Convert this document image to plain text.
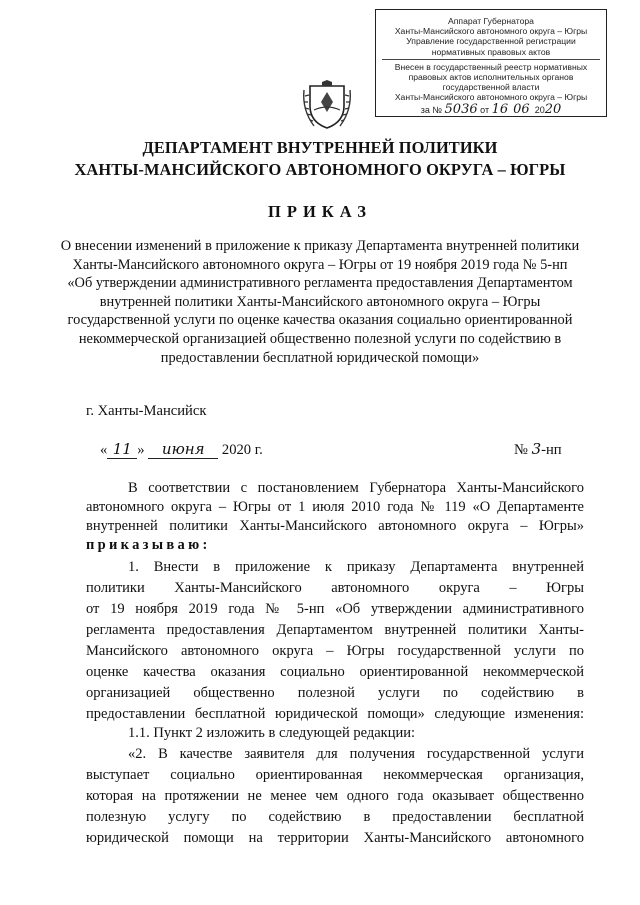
Аппарат Губернатора
Ханты-Мансийского автономного округа – Югры
Управление государственной регистрации
нормативных правовых актов
Внесен в государственный реестр нормативных
правовых актов исполнительных органов
государственной власти
Ханты-Мансийского автономного округа – Югры
за № 5036 от 16 06 2020
ДЕПАРТАМЕНТ ВНУТРЕННЕЙ ПОЛИТИКИ
ХАНТЫ-МАНСИЙСКОГО АВТОНОМНОГО ОКРУГА – ЮГРЫ
ПРИКАЗ
О внесении изменений в приложение к приказу Департамента внутренней политики Ханты-Мансийского автономного округа – Югры от 19 ноября 2019 года № 5-нп «Об утверждении административного регламента предоставления Департаментом внутренней политики Ханты-Мансийского автономного округа – Югры государственной услуги по оценке качества оказания социально ориентированной некоммерческой организацией общественно полезной услуги по содействию в предоставлении бесплатной юридической помощи»
г. Ханты-Мансийск
« 11 » июня 2020 г.	№ 3-нп
В соответствии с постановлением Губернатора Ханты-Мансийского
автономного округа – Югры от 1 июля 2010 года № 119 «О Департаменте
внутренней политики Ханты-Мансийского автономного округа – Югры»
приказываю:
1. Внести в приложение к приказу Департамента внутренней
политики Ханты-Мансийского автономного округа – Югры
от 19 ноября 2019 года № 5-нп «Об утверждении административного
регламента предоставления Департаментом внутренней политики Ханты-
Мансийского автономного округа – Югры государственной услуги по
оценке качества оказания социально ориентированной некоммерческой
организацией общественно полезной услуги по содействию в
предоставлении бесплатной юридической помощи» следующие изменения:
1.1. Пункт 2 изложить в следующей редакции:
«2. В качестве заявителя для получения государственной услуги
выступает социально ориентированная некоммерческая организация,
которая на протяжении не менее чем одного года оказывает общественно
полезную услугу по содействию в предоставлении бесплатной
юридической помощи на территории Ханты-Мансийского автономного
